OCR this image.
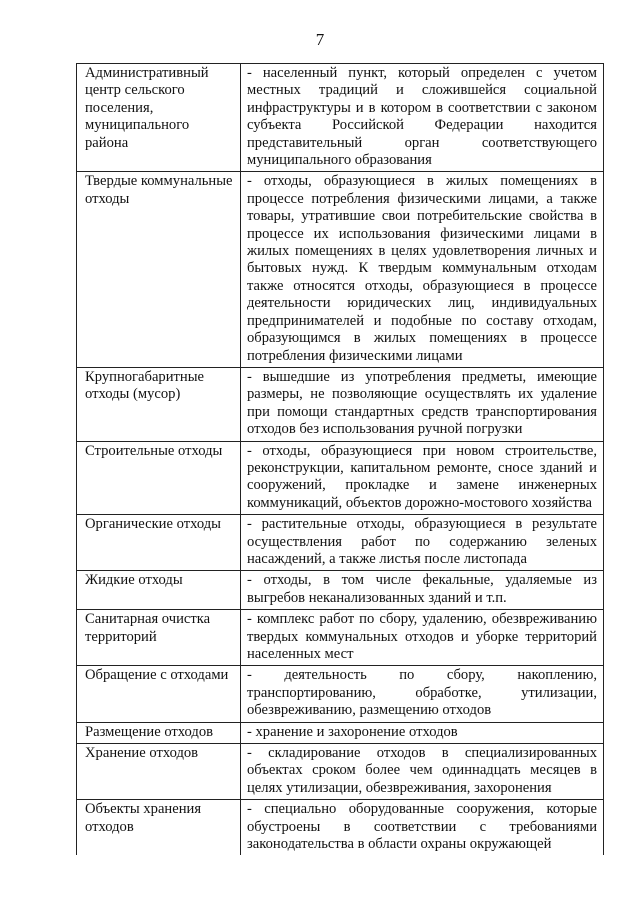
7
Административный центр сельского поселения, муниципального района	- населенный пункт, который определен с учетом местных традиций и сложившейся социальной инфраструктуры и в котором в соответствии с законом субъекта Российской Федерации находится представительный орган соответствующего муниципального образования
Твердые коммунальные отходы	- отходы, образующиеся в жилых помещениях в процессе потребления физическими лицами, а также товары, утратившие свои потребительские свойства в процессе их использования физическими лицами в жилых помещениях в целях удовлетворения личных и бытовых нужд. К твердым коммунальным отходам также относятся отходы, образующиеся в процессе деятельности юридических лиц, индивидуальных предпринимателей и подобные по составу отходам, образующимся в жилых помещениях в процессе потребления физическими лицами
Крупногабаритные отходы (мусор)	- вышедшие из употребления предметы, имеющие размеры, не позволяющие осуществлять их удаление при помощи стандартных средств транспортирования отходов без использования ручной погрузки
Строительные отходы	- отходы, образующиеся при новом строительстве, реконструкции, капитальном ремонте, сносе зданий и сооружений, прокладке и замене инженерных коммуникаций, объектов дорожно-мостового хозяйства
Органические отходы	- растительные отходы, образующиеся в результате осуществления работ по содержанию зеленых насаждений, а также листья после листопада
Жидкие отходы	- отходы, в том числе фекальные, удаляемые из выгребов неканализованных зданий и т.п.
Санитарная очистка территорий	- комплекс работ по сбору, удалению, обезвреживанию твердых коммунальных отходов и уборке территорий населенных мест
Обращение с отходами	- деятельность по сбору, накоплению, транспортированию, обработке, утилизации, обезвреживанию, размещению отходов
Размещение отходов	- хранение и захоронение отходов
Хранение отходов	- складирование отходов в специализированных объектах сроком более чем одиннадцать месяцев в целях утилизации, обезвреживания, захоронения
Объекты хранения отходов	- специально оборудованные сооружения, которые обустроены в соответствии с требованиями законодательства в области охраны окружающей
